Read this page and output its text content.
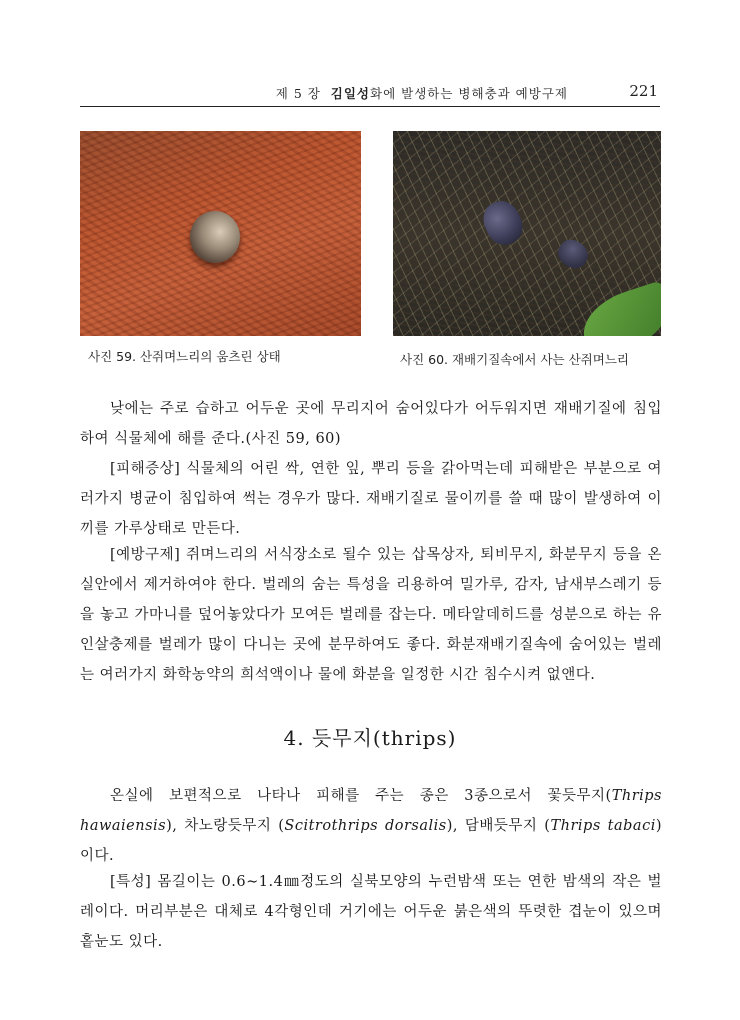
제 5 장 김일성화에 발생하는 병해충과 예방구제	221
사진 59. 산쥐며느리의 움츠린 상태	사진 60. 재배기질속에서 사는 산쥐며느리

낮에는 주로 습하고 어두운 곳에 무리지어 숨어있다가 어두워지면 재배기질에 침입하여 식물체에 해를 준다.(사진 59, 60)

[피해증상] 식물체의 어린 싹, 연한 잎, 뿌리 등을 갉아먹는데 피해받은 부분으로 여러가지 병균이 침입하여 썩는 경우가 많다. 재배기질로 물이끼를 쓸 때 많이 발생하여 이끼를 가루상태로 만든다.

[예방구제] 쥐며느리의 서식장소로 될수 있는 삽목상자, 퇴비무지, 화분무지 등을 온실안에서 제거하여야 한다. 벌레의 숨는 특성을 리용하여 밀가루, 감자, 남새부스레기 등을 놓고 가마니를 덮어놓았다가 모여든 벌레를 잡는다. 메타알데히드를 성분으로 하는 유인살충제를 벌레가 많이 다니는 곳에 분무하여도 좋다. 화분재배기질속에 숨어있는 벌레는 여러가지 화학농약의 희석액이나 물에 화분을 일정한 시간 침수시켜 없앤다.

4. 듯무지(thrips)

온실에 보편적으로 나타나 피해를 주는 종은 3종으로서 꽃듯무지(Thrips hawaiensis), 차노랑듯무지 (Scitrothrips dorsalis), 담배듯무지 (Thrips tabaci)이다.

[특성] 몸길이는 0.6∼1.4㎜정도의 실북모양의 누런밤색 또는 연한 밤색의 작은 벌레이다. 머리부분은 대체로 4각형인데 거기에는 어두운 붉은색의 뚜렷한 겹눈이 있으며 홑눈도 있다.
